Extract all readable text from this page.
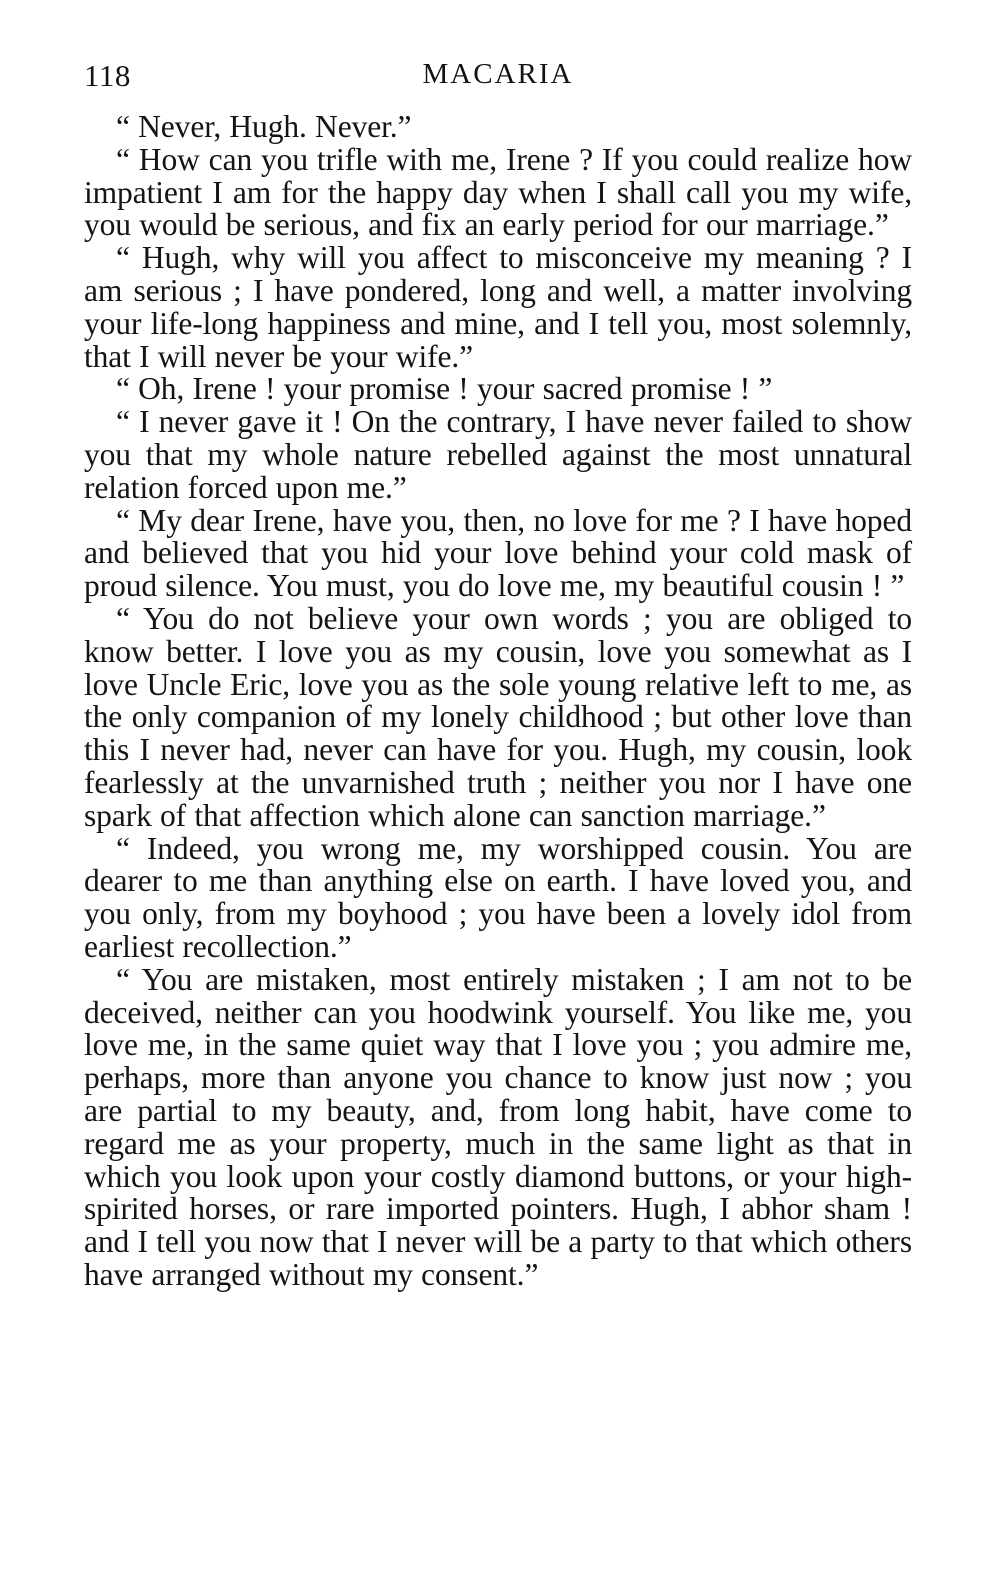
118	MACARIA

“ Never, Hugh. Never.”

“ How can you trifle with me, Irene ? If you could realize how impatient I am for the happy day when I shall call you my wife, you would be serious, and fix an early period for our marriage.”

“ Hugh, why will you affect to misconceive my meaning ? I am serious ; I have pondered, long and well, a matter involving your life-long happiness and mine, and I tell you, most solemnly, that I will never be your wife.”

“ Oh, Irene ! your promise ! your sacred promise ! ”

“ I never gave it ! On the contrary, I have never failed to show you that my whole nature rebelled against the most unnatural relation forced upon me.”

“ My dear Irene, have you, then, no love for me ? I have hoped and believed that you hid your love behind your cold mask of proud silence. You must, you do love me, my beautiful cousin ! ”

“ You do not believe your own words ; you are obliged to know better. I love you as my cousin, love you somewhat as I love Uncle Eric, love you as the sole young relative left to me, as the only companion of my lonely childhood ; but other love than this I never had, never can have for you. Hugh, my cousin, look fearlessly at the unvarnished truth ; neither you nor I have one spark of that affection which alone can sanction marriage.”

“ Indeed, you wrong me, my worshipped cousin. You are dearer to me than anything else on earth. I have loved you, and you only, from my boyhood ; you have been a lovely idol from earliest recollection.”

“ You are mistaken, most entirely mistaken ; I am not to be deceived, neither can you hoodwink yourself. You like me, you love me, in the same quiet way that I love you ; you admire me, perhaps, more than anyone you chance to know just now ; you are partial to my beauty, and, from long habit, have come to regard me as your property, much in the same light as that in which you look upon your costly diamond buttons, or your high-spirited horses, or rare imported pointers. Hugh, I abhor sham ! and I tell you now that I never will be a party to that which others have arranged without my consent.”
